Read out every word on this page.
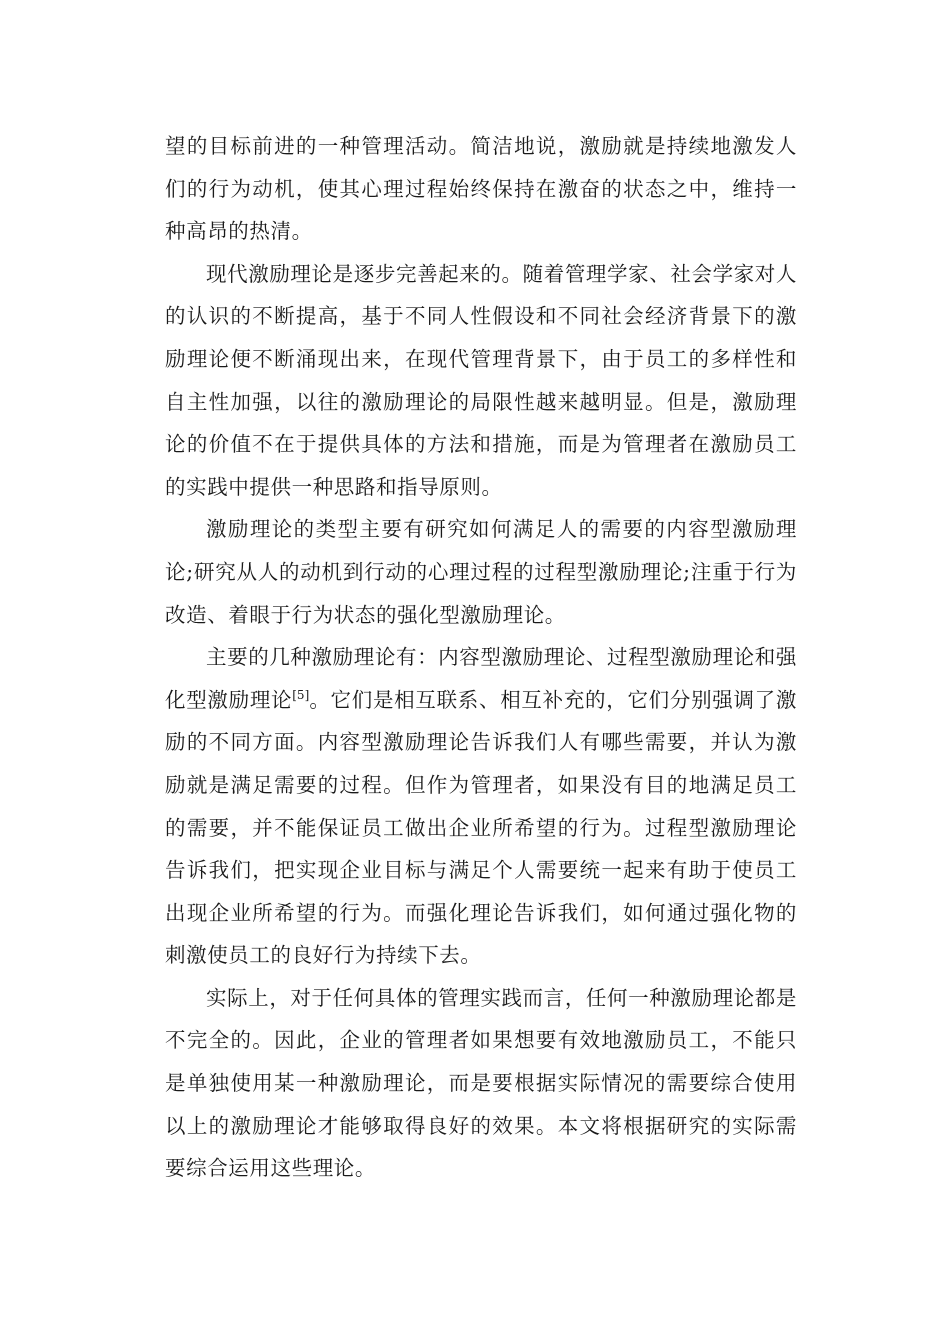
望的目标前进的一种管理活动。简洁地说，激励就是持续地激发人们的行为动机，使其心理过程始终保持在激奋的状态之中，维持一种高昂的热清。

现代激励理论是逐步完善起来的。随着管理学家、社会学家对人的认识的不断提高，基于不同人性假设和不同社会经济背景下的激励理论便不断涌现出来，在现代管理背景下，由于员工的多样性和自主性加强，以往的激励理论的局限性越来越明显。但是，激励理论的价值不在于提供具体的方法和措施，而是为管理者在激励员工的实践中提供一种思路和指导原则。

激励理论的类型主要有研究如何满足人的需要的内容型激励理论;研究从人的动机到行动的心理过程的过程型激励理论;注重于行为改造、着眼于行为状态的强化型激励理论。

主要的几种激励理论有：内容型激励理论、过程型激励理论和强化型激励理论[5]。它们是相互联系、相互补充的，它们分别强调了激励的不同方面。内容型激励理论告诉我们人有哪些需要，并认为激励就是满足需要的过程。但作为管理者，如果没有目的地满足员工的需要，并不能保证员工做出企业所希望的行为。过程型激励理论告诉我们，把实现企业目标与满足个人需要统一起来有助于使员工出现企业所希望的行为。而强化理论告诉我们，如何通过强化物的刺激使员工的良好行为持续下去。

实际上，对于任何具体的管理实践而言，任何一种激励理论都是不完全的。因此，企业的管理者如果想要有效地激励员工，不能只是单独使用某一种激励理论，而是要根据实际情况的需要综合使用以上的激励理论才能够取得良好的效果。本文将根据研究的实际需要综合运用这些理论。
